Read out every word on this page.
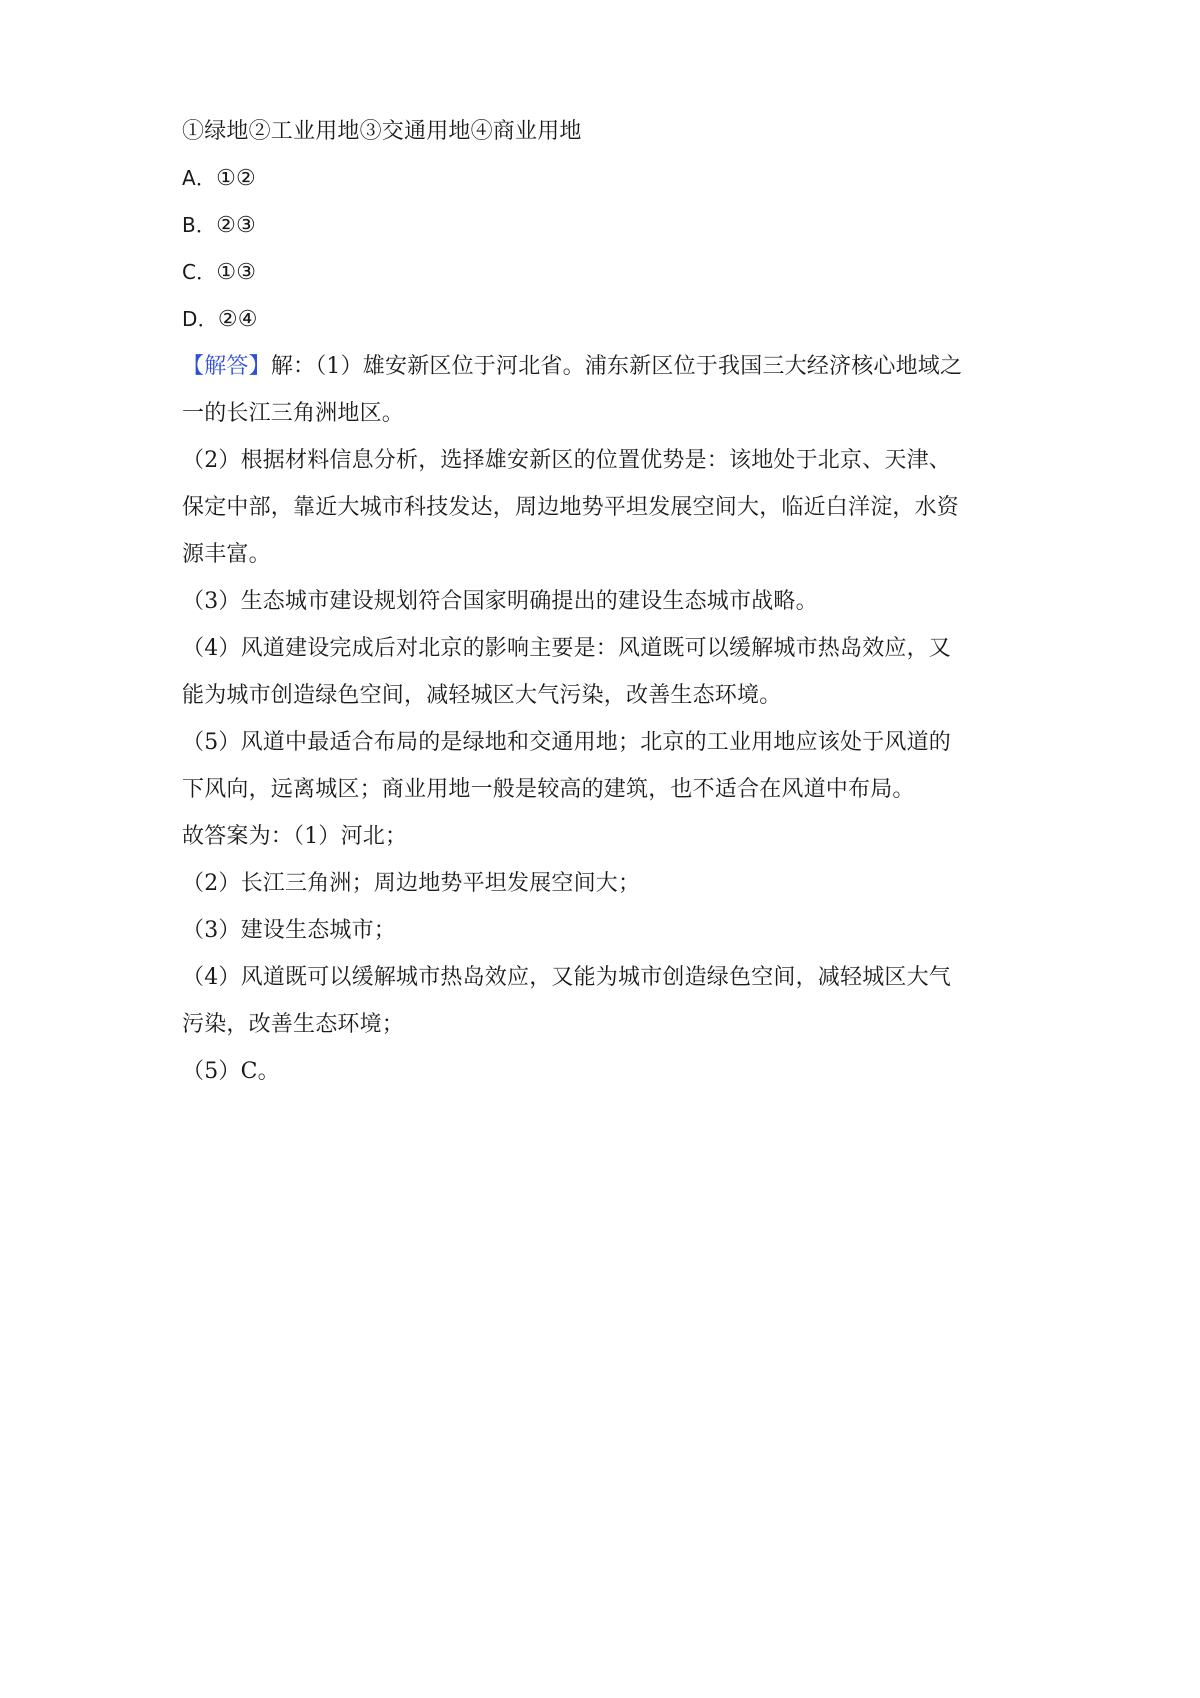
①绿地②工业用地③交通用地④商业用地
A．①②
B．②③
C．①③
D．②④
【解答】解：（1）雄安新区位于河北省。浦东新区位于我国三大经济核心地域之
一的长江三角洲地区。
（2）根据材料信息分析，选择雄安新区的位置优势是：该地处于北京、天津、
保定中部，靠近大城市科技发达，周边地势平坦发展空间大，临近白洋淀，水资
源丰富。
（3）生态城市建设规划符合国家明确提出的建设生态城市战略。
（4）风道建设完成后对北京的影响主要是：风道既可以缓解城市热岛效应，又
能为城市创造绿色空间，减轻城区大气污染，改善生态环境。
（5）风道中最适合布局的是绿地和交通用地；北京的工业用地应该处于风道的
下风向，远离城区；商业用地一般是较高的建筑，也不适合在风道中布局。
故答案为：（1）河北；
（2）长江三角洲；周边地势平坦发展空间大；
（3）建设生态城市；
（4）风道既可以缓解城市热岛效应，又能为城市创造绿色空间，减轻城区大气
污染，改善生态环境；
（5）C。
